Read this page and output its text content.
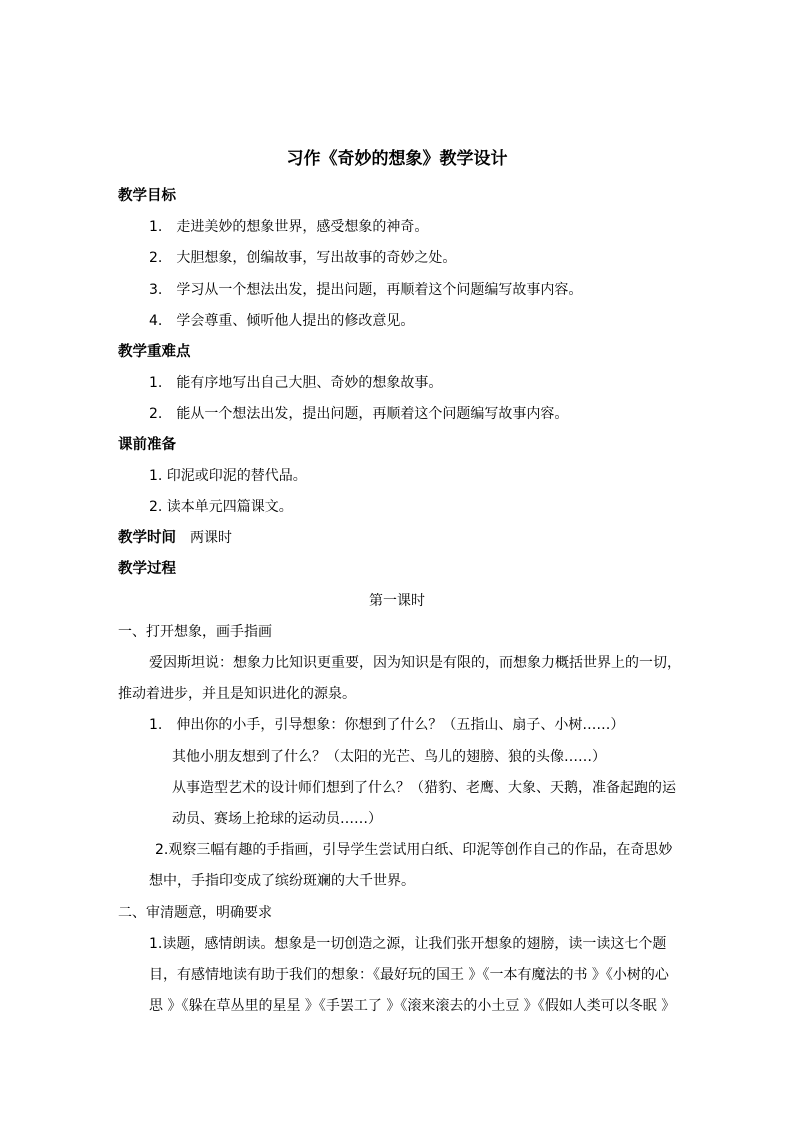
习作《奇妙的想象》教学设计
教学目标
1.　走进美妙的想象世界，感受想象的神奇。
2.　大胆想象，创编故事，写出故事的奇妙之处。
3.　学习从一个想法出发，提出问题，再顺着这个问题编写故事内容。
4.　学会尊重、倾听他人提出的修改意见。
教学重难点
1.　能有序地写出自己大胆、奇妙的想象故事。
2.　能从一个想法出发，提出问题，再顺着这个问题编写故事内容。
课前准备
1. 印泥或印泥的替代品。
2. 读本单元四篇课文。
教学时间 两课时
教学过程
第一课时
一、打开想象，画手指画
爱因斯坦说：想象力比知识更重要，因为知识是有限的，而想象力概括世界上的一切，
推动着进步，并且是知识进化的源泉。
1.　伸出你的小手，引导想象：你想到了什么？（五指山、扇子、小树……）
其他小朋友想到了什么？（太阳的光芒、鸟儿的翅膀、狼的头像……）
从事造型艺术的设计师们想到了什么？（猎豹、老鹰、大象、天鹅，准备起跑的运
动员、赛场上抢球的运动员……）
2.观察三幅有趣的手指画，引导学生尝试用白纸、印泥等创作自己的作品，在奇思妙
想中，手指印变成了缤纷斑斓的大千世界。
二、审清题意，明确要求
1.读题，感情朗读。想象是一切创造之源，让我们张开想象的翅膀，读一读这七个题
目，有感情地读有助于我们的想象：《最好玩的国王 》《一本有魔法的书 》《小树的心
思 》《躲在草丛里的星星 》《手罢工了 》《滚来滚去的小土豆 》《假如人类可以冬眠 》
